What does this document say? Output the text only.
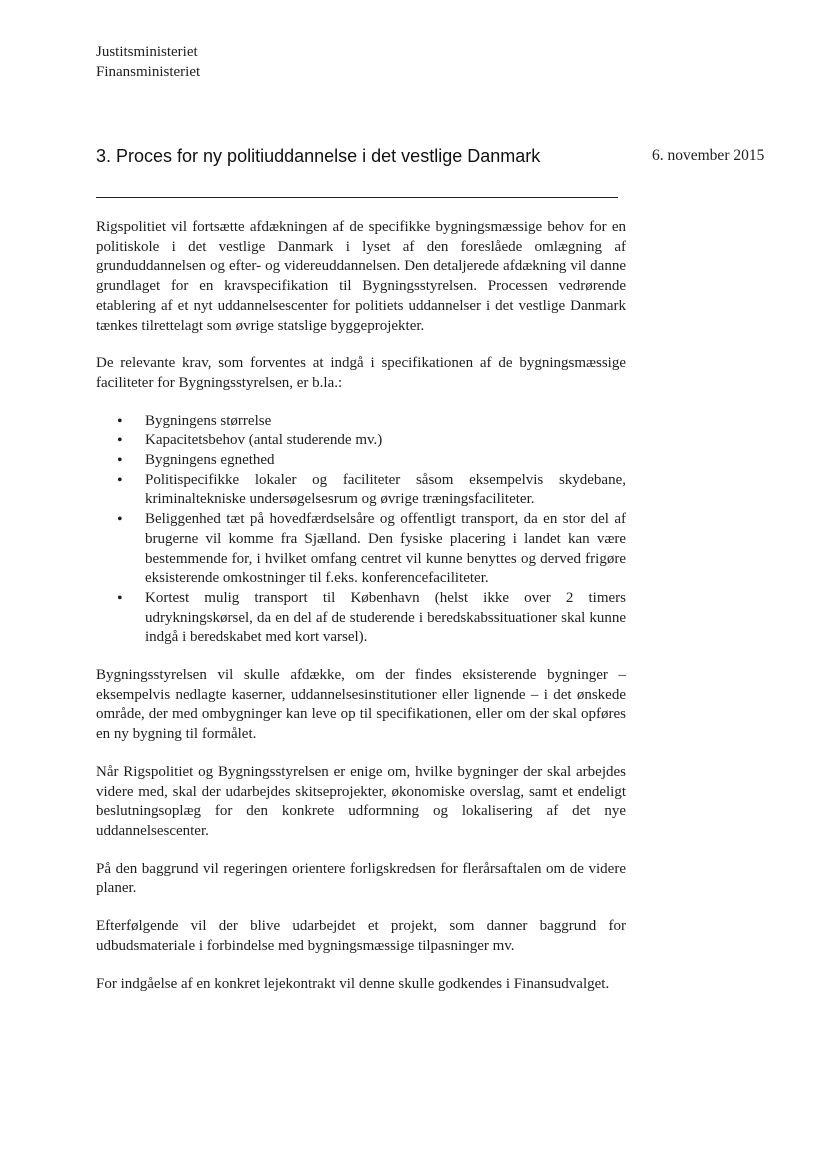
Justitsministeriet
Finansministeriet
3. Proces for ny politiuddannelse i det vestlige Danmark	6. november 2015

Rigspolitiet vil fortsætte afdækningen af de specifikke bygningsmæssige behov for en politiskole i det vestlige Danmark i lyset af den foreslåede omlægning af grunduddannelsen og efter- og videreuddannelsen. Den detaljerede afdækning vil danne grundlaget for en kravspecifikation til Bygningsstyrelsen. Processen vedrørende etablering af et nyt uddannelsescenter for politiets uddannelser i det vestlige Danmark tænkes tilrettelagt som øvrige statslige byggeprojekter.

De relevante krav, som forventes at indgå i specifikationen af de bygningsmæssige faciliteter for Bygningsstyrelsen, er b.la.:

• Bygningens størrelse
• Kapacitetsbehov (antal studerende mv.)
• Bygningens egnethed
• Politispecifikke lokaler og faciliteter såsom eksempelvis skydebane, kriminaltekniske undersøgelsesrum og øvrige træningsfaciliteter.
• Beliggenhed tæt på hovedfærdselsåre og offentligt transport, da en stor del af brugerne vil komme fra Sjælland. Den fysiske placering i landet kan være bestemmende for, i hvilket omfang centret vil kunne benyttes og derved frigøre eksisterende omkostninger til f.eks. konferencefaciliteter.
• Kortest mulig transport til København (helst ikke over 2 timers udrykningskørsel, da en del af de studerende i beredskabssituationer skal kunne indgå i beredskabet med kort varsel).

Bygningsstyrelsen vil skulle afdække, om der findes eksisterende bygninger – eksempelvis nedlagte kaserner, uddannelsesinstitutioner eller lignende – i det ønskede område, der med ombygninger kan leve op til specifikationen, eller om der skal opføres en ny bygning til formålet.

Når Rigspolitiet og Bygningsstyrelsen er enige om, hvilke bygninger der skal arbejdes videre med, skal der udarbejdes skitseprojekter, økonomiske overslag, samt et endeligt beslutningsoplæg for den konkrete udformning og lokalisering af det nye uddannelsescenter.

På den baggrund vil regeringen orientere forligskredsen for flerårsaftalen om de videre planer.

Efterfølgende vil der blive udarbejdet et projekt, som danner baggrund for udbudsmateriale i forbindelse med bygningsmæssige tilpasninger mv.

For indgåelse af en konkret lejekontrakt vil denne skulle godkendes i Finansudvalget.
